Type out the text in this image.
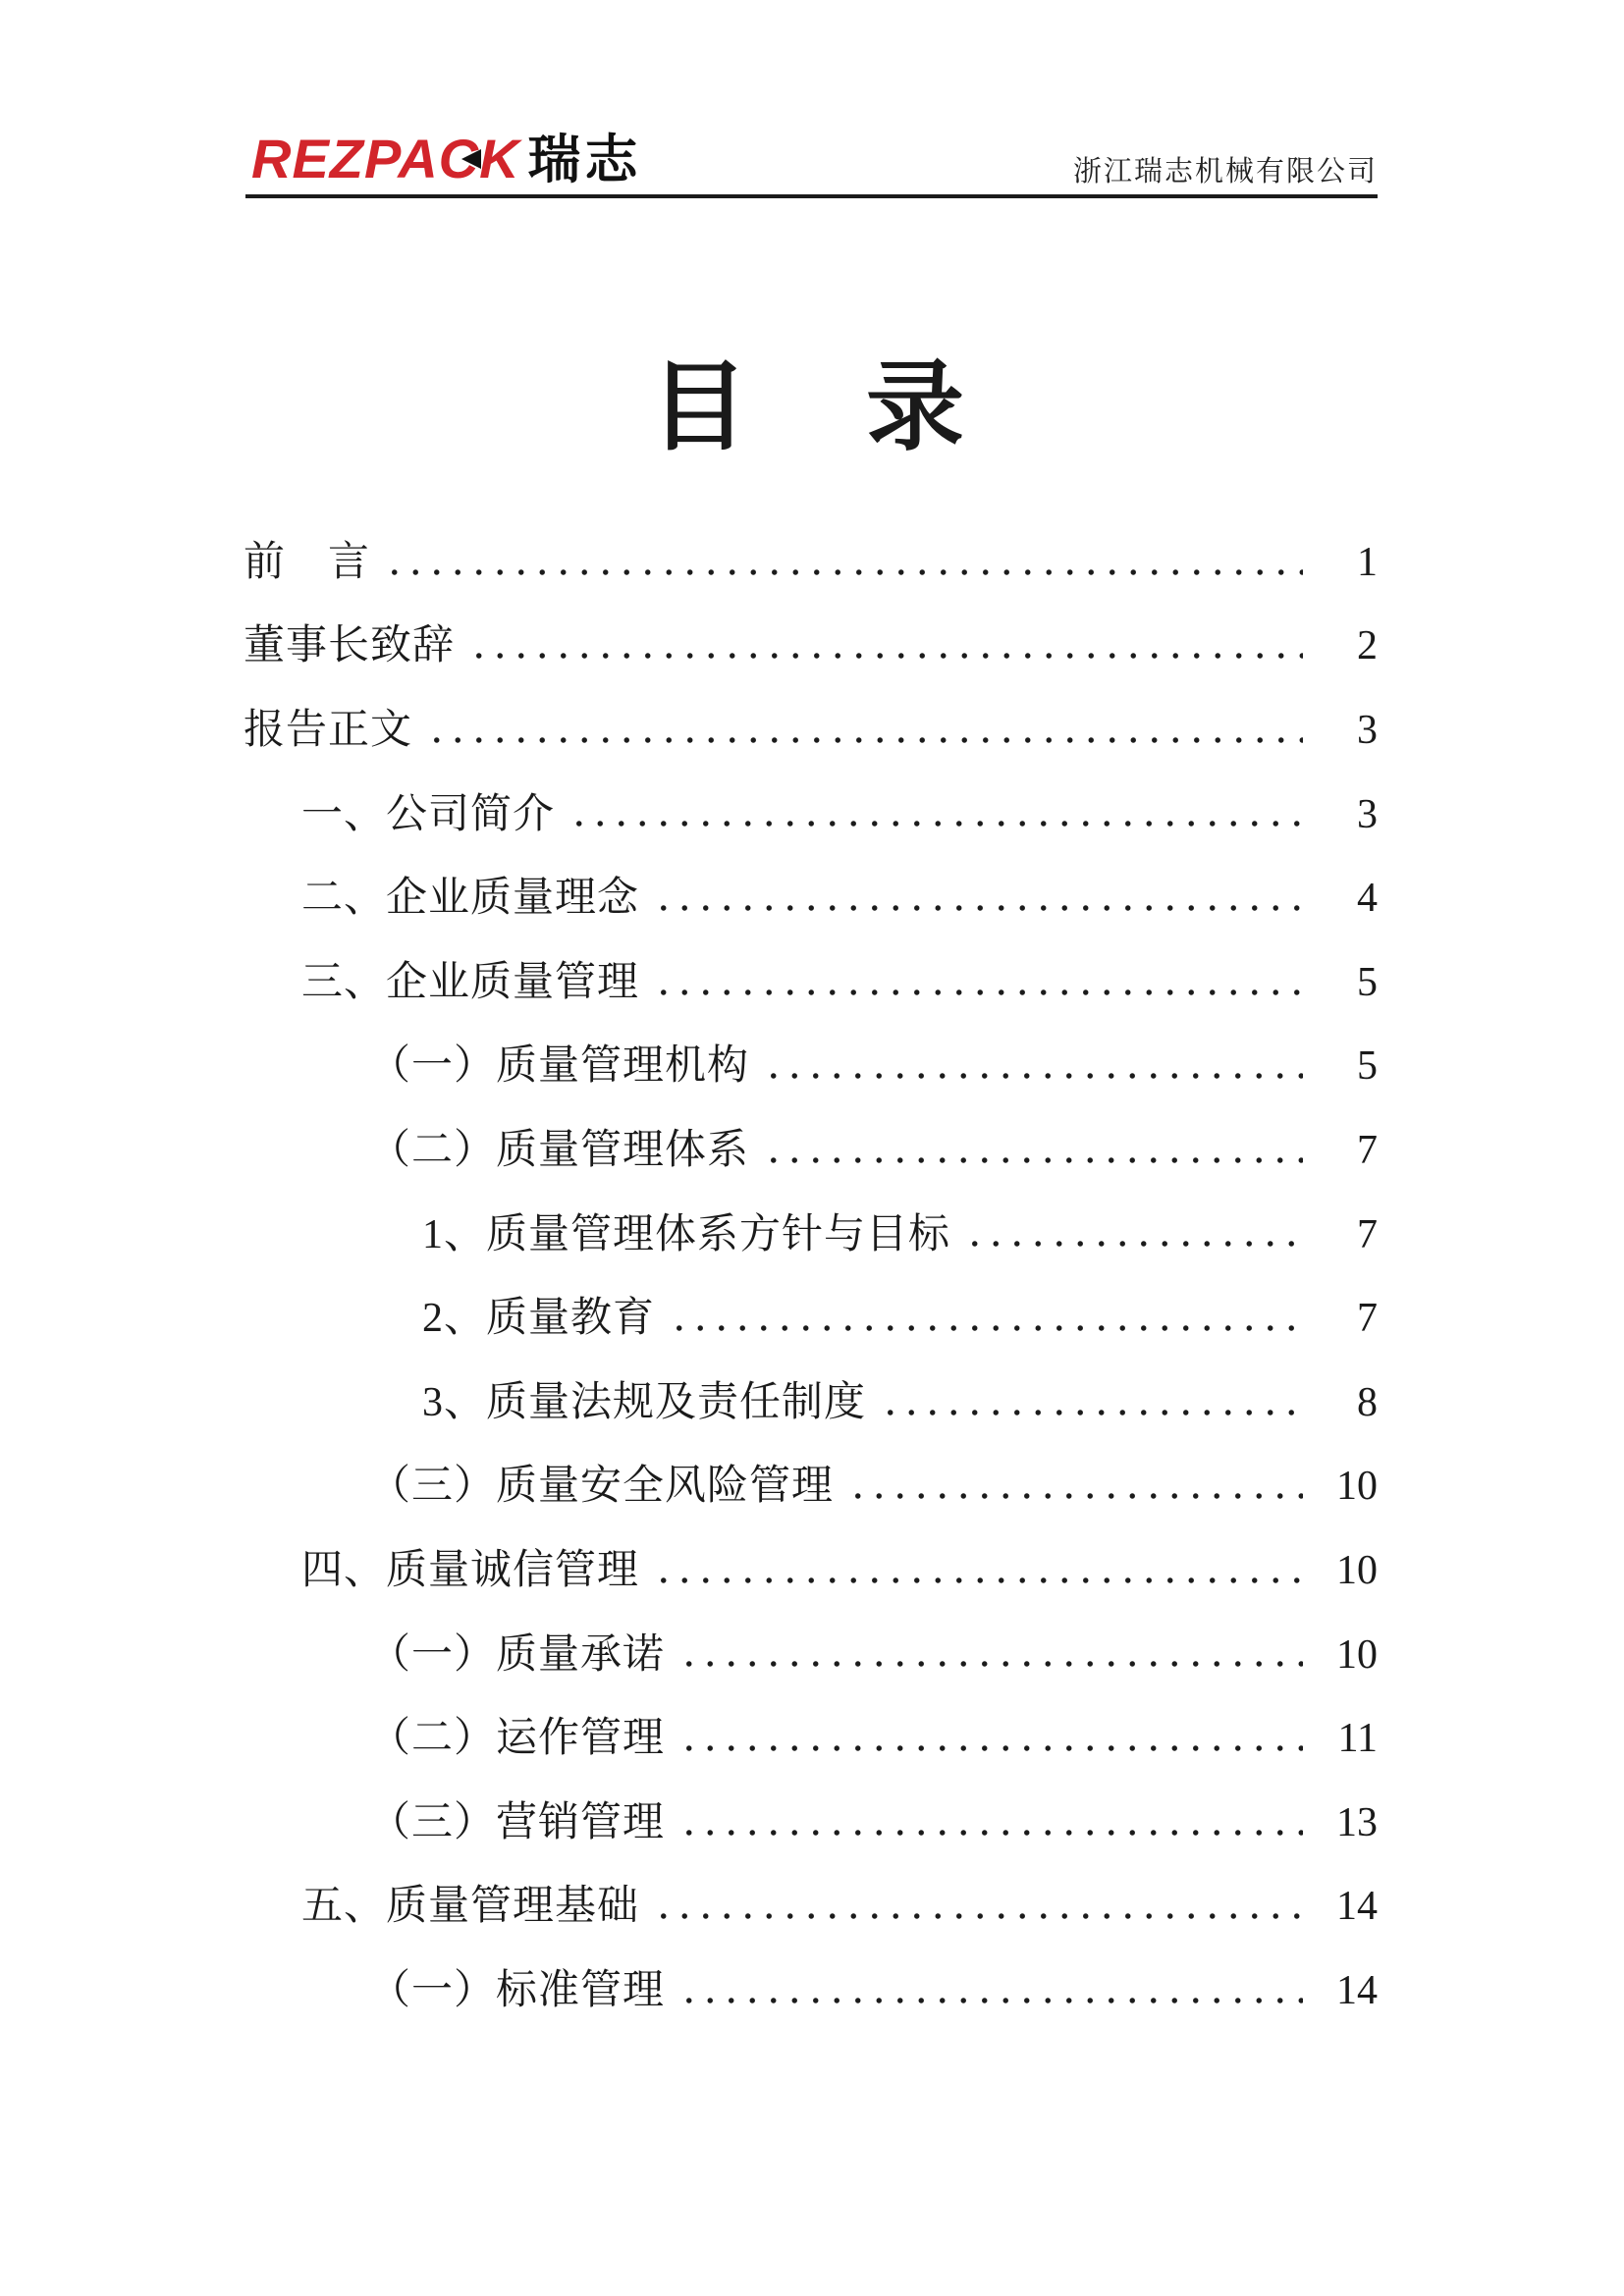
REZPAC
K 瑞志	浙江瑞志机械有限公司
目　录
前　言	1
董事长致辞	2
报告正文	3
一、公司简介	3
二、企业质量理念	4
三、企业质量管理	5
（一）质量管理机构	5
（二）质量管理体系	7
1、质量管理体系方针与目标	7
2、质量教育	7
3、质量法规及责任制度	8
（三）质量安全风险管理	10
四、质量诚信管理	10
（一）质量承诺	10
（二）运作管理	11
（三）营销管理	13
五、质量管理基础	14
（一）标准管理	14
